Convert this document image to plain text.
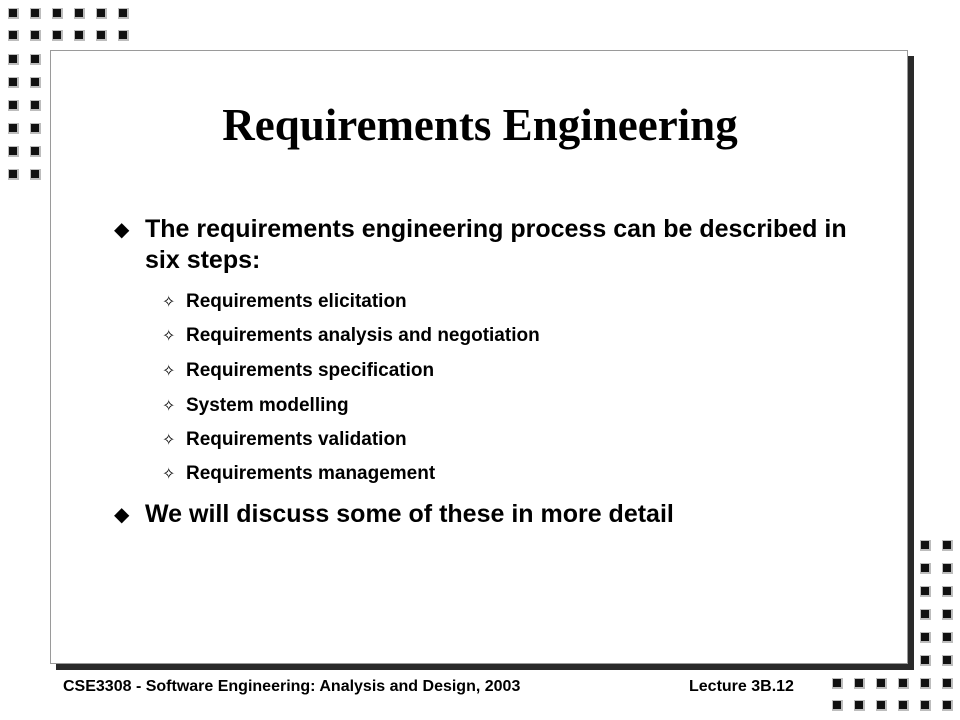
Requirements Engineering
◆ The requirements engineering process can be described in six steps:
✧ Requirements elicitation
✧ Requirements analysis and negotiation
✧ Requirements specification
✧ System modelling
✧ Requirements validation
✧ Requirements management
◆ We will discuss some of these in more detail
CSE3308 - Software Engineering: Analysis and Design, 2003	Lecture 3B.12
